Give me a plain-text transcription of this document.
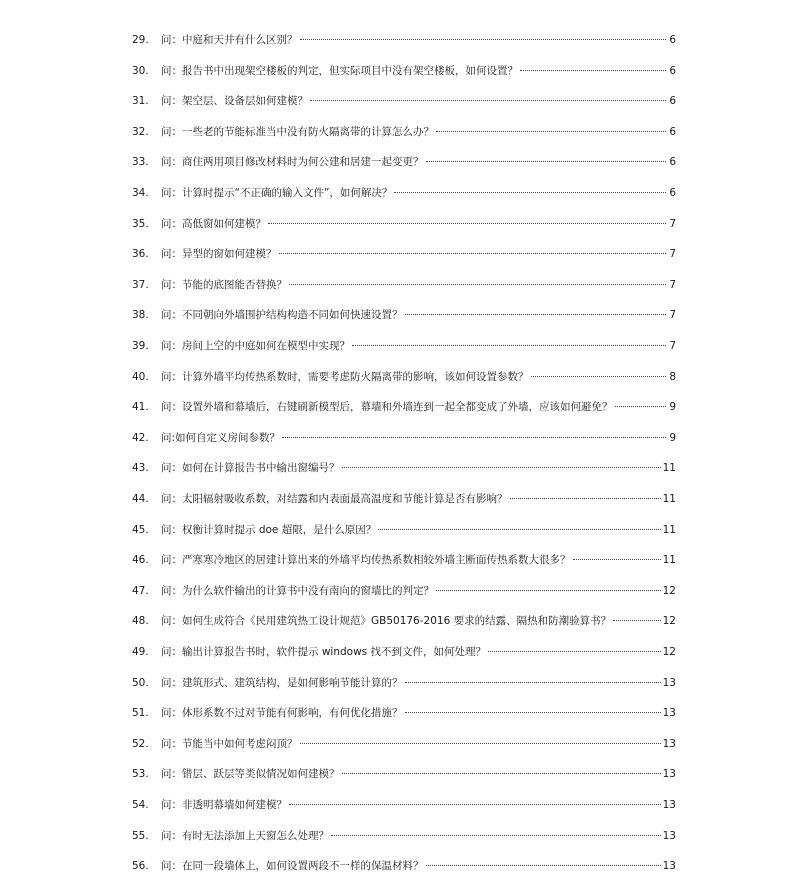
29.	问：中庭和天井有什么区别？	6
30.	问：报告书中出现架空楼板的判定，但实际项目中没有架空楼板，如何设置？	6
31.	问：架空层、设备层如何建模？	6
32.	问：一些老的节能标准当中没有防火隔离带的计算怎么办？	6
33.	问：商住两用项目修改材料时为何公建和居建一起变更？	6
34.	问：计算时提示“不正确的输入文件”，如何解决？	6
35.	问：高低窗如何建模？	7
36.	问：异型的窗如何建模？	7
37.	问：节能的底图能否替换？	7
38.	问：不同朝向外墙围护结构构造不同如何快速设置？	7
39.	问：房间上空的中庭如何在模型中实现？	7
40.	问：计算外墙平均传热系数时，需要考虑防火隔离带的影响，该如何设置参数？	8
41.	问：设置外墙和幕墙后，右键刷新模型后，幕墙和外墙连到一起全都变成了外墙，应该如何避免？	9
42.	问:如何自定义房间参数？	9
43.	问：如何在计算报告书中输出窗编号？	11
44.	问：太阳辐射吸收系数，对结露和内表面最高温度和节能计算是否有影响？	11
45.	问：权衡计算时提示 doe 超限，是什么原因？	11
46.	问：严寒寒冷地区的居建计算出来的外墙平均传热系数相较外墙主断面传热系数大很多？	11
47.	问：为什么软件输出的计算书中没有南向的窗墙比的判定？	12
48.	问：如何生成符合《民用建筑热工设计规范》GB50176-2016 要求的结露、隔热和防潮验算书？	12
49.	问：输出计算报告书时，软件提示 windows 找不到文件，如何处理？	12
50.	问：建筑形式、建筑结构，是如何影响节能计算的？	13
51.	问：体形系数不过对节能有何影响，有何优化措施？	13
52.	问：节能当中如何考虑闷顶？	13
53.	问：错层、跃层等类似情况如何建模？	13
54.	问：非透明幕墙如何建模？	13
55.	问：有时无法添加上天窗怎么处理？	13
56.	问：在同一段墙体上，如何设置两段不一样的保温材料？	13
